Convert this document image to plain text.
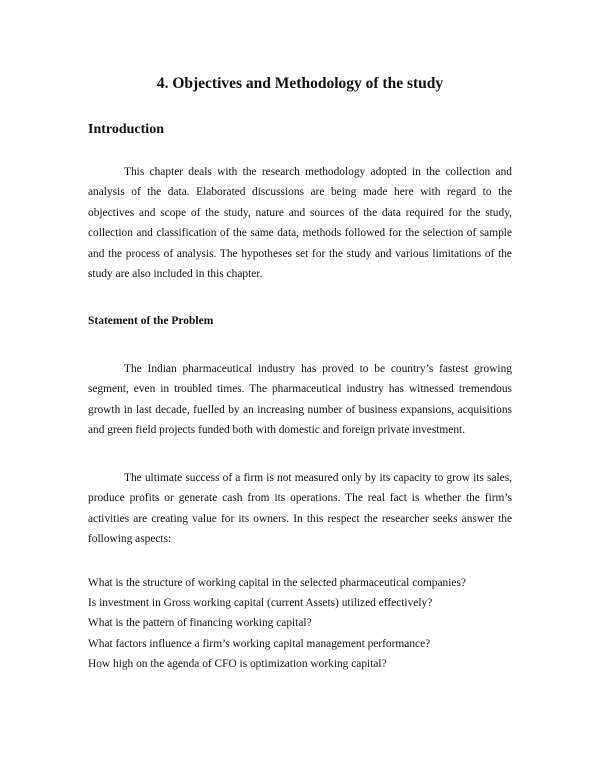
4. Objectives and Methodology of the study
Introduction

This chapter deals with the research methodology adopted in the collection and analysis of the data. Elaborated discussions are being made here with regard to the objectives and scope of the study, nature and sources of the data required for the study, collection and classification of the same data, methods followed for the selection of sample and the process of analysis. The hypotheses set for the study and various limitations of the study are also included in this chapter.

Statement of the Problem

The Indian pharmaceutical industry has proved to be country’s fastest growing segment, even in troubled times. The pharmaceutical industry has witnessed tremendous growth in last decade, fuelled by an increasing number of business expansions, acquisitions and green field projects funded both with domestic and foreign private investment.

The ultimate success of a firm is not measured only by its capacity to grow its sales, produce profits or generate cash from its operations. The real fact is whether the firm’s activities are creating value for its owners. In this respect the researcher seeks answer the following aspects:

What is the structure of working capital in the selected pharmaceutical companies?
Is investment in Gross working capital (current Assets) utilized effectively?
What is the pattern of financing working capital?
What factors influence a firm’s working capital management performance?
How high on the agenda of CFO is optimization working capital?
